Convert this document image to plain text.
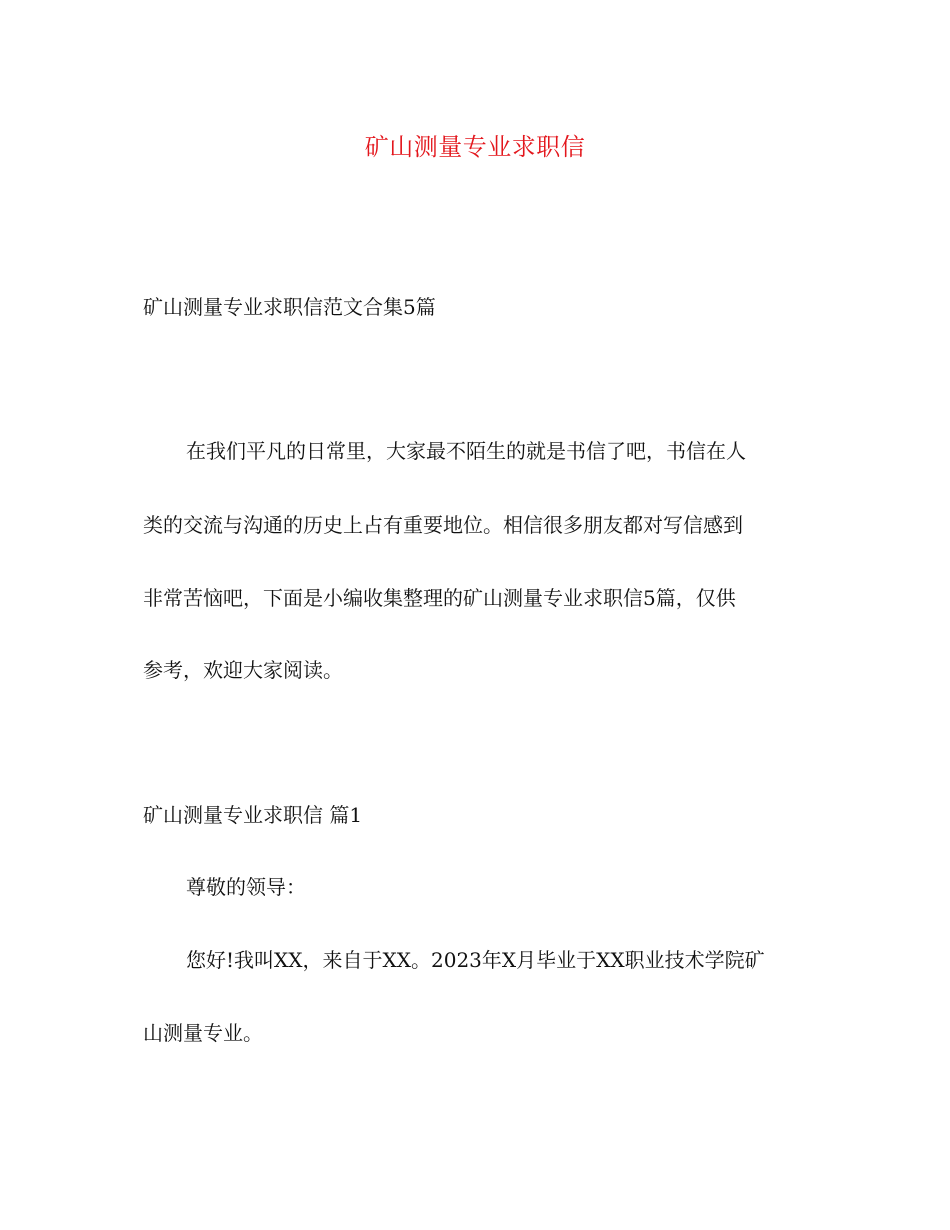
矿山测量专业求职信
矿山测量专业求职信范文合集5篇
在我们平凡的日常里，大家最不陌生的就是书信了吧，书信在人
类的交流与沟通的历史上占有重要地位。相信很多朋友都对写信感到
非常苦恼吧，下面是小编收集整理的矿山测量专业求职信5篇，仅供
参考，欢迎大家阅读。
矿山测量专业求职信 篇1
尊敬的领导：
您好!我叫XX，来自于XX。2023年X月毕业于XX职业技术学院矿
山测量专业。
